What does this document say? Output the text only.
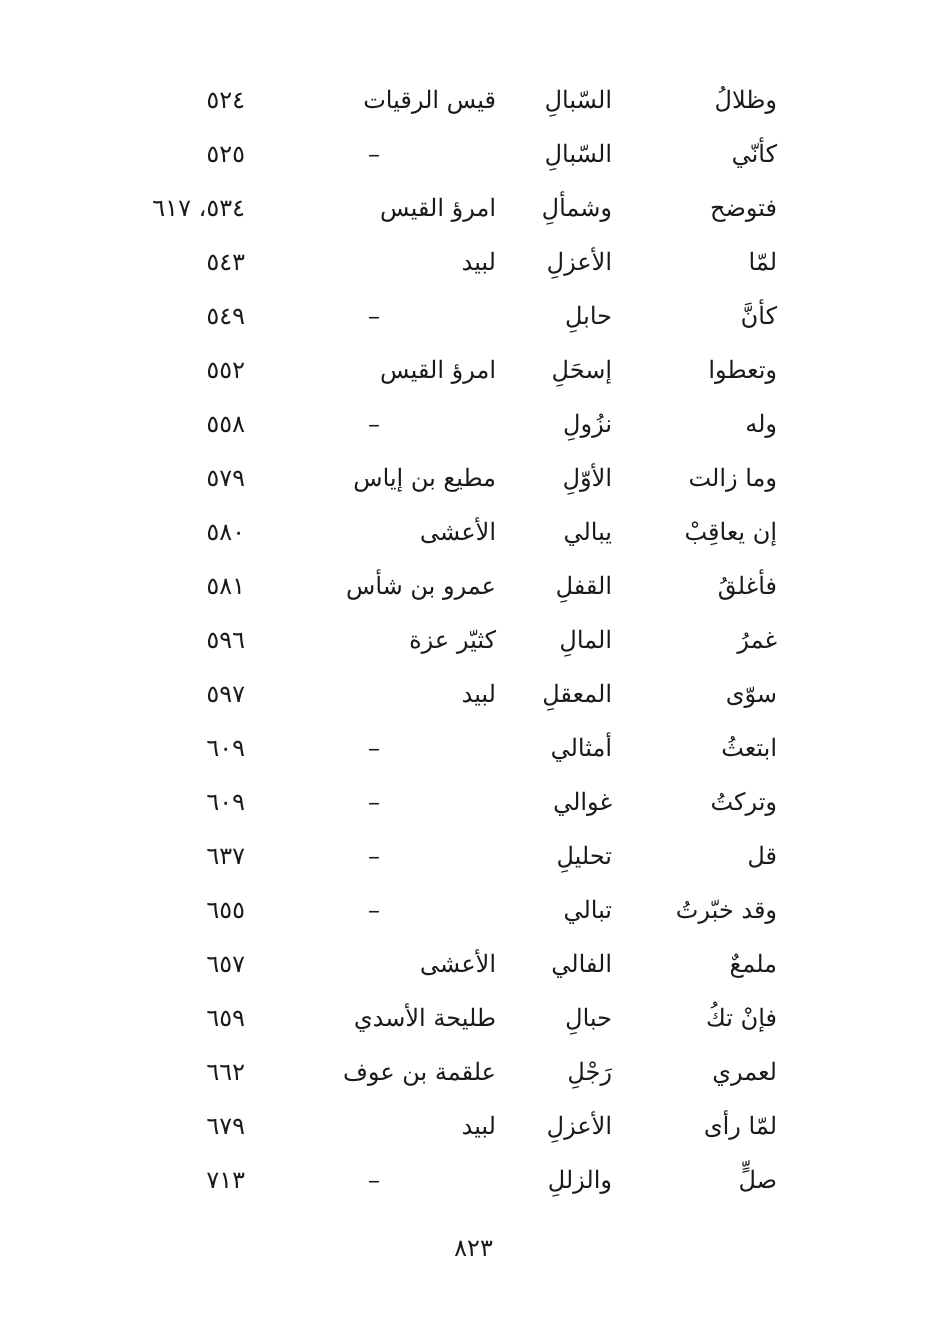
وظلالُ
السّبالِ
قيس الرقيات
٥٢٤
كأنّي
السّبالِ
–
٥٢٥
فتوضح
وشمألِ
امرؤ القيس
٥٣٤، ٦١٧
لمّا
الأعزلِ
لبيد
٥٤٣
كأنَّ
حابلِ
–
٥٤٩
وتعطوا
إسحَلِ
امرؤ القيس
٥٥٢
وله
نزُولِ
–
٥٥٨
وما زالت
الأوّلِ
مطيع بن إياس
٥٧٩
إن يعاقِبْ
يبالي
الأعشى
٥٨٠
فأغلقُ
القفلِ
عمرو بن شأس
٥٨١
غمرُ
المالِ
كثيّر عزة
٥٩٦
سوّى
المعقلِ
لبيد
٥٩٧
ابتعثُ
أمثالي
–
٦٠٩
وتركتُ
غوالي
–
٦٠٩
قل
تحليلِ
–
٦٣٧
وقد خبّرتُ
تبالي
–
٦٥٥
ملمعٌ
الفالي
الأعشى
٦٥٧
فإنْ تكُ
حبالِ
طليحة الأسدي
٦٥٩
لعمري
رَجْلِ
علقمة بن عوف
٦٦٢
لمّا رأى
الأعزلِ
لبيد
٦٧٩
صلٍّ
والزللِ
–
٧١٣
٨٢٣
